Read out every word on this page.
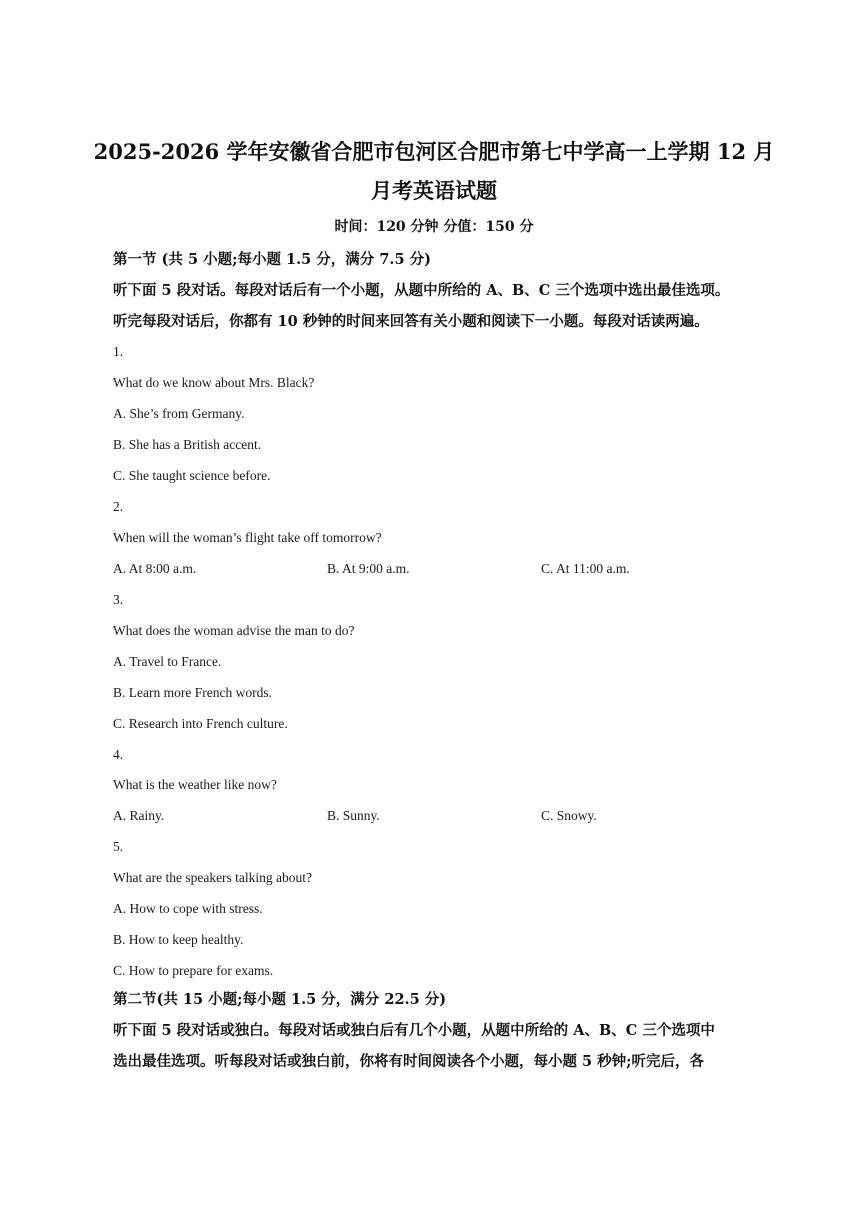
2025-2026 学年安徽省合肥市包河区合肥市第七中学高一上学期 12 月
月考英语试题
时间：120 分钟 分值：150 分
第一节 (共 5 小题;每小题 1.5 分，满分 7.5 分)
听下面 5 段对话。每段对话后有一个小题，从题中所给的 A、B、C 三个选项中选出最佳选项。
听完每段对话后，你都有 10 秒钟的时间来回答有关小题和阅读下一小题。每段对话读两遍。
1.
What do we know about Mrs. Black?
A. She’s from Germany.
B. She has a British accent.
C. She taught science before.
2.
When will the woman’s flight take off tomorrow?
A. At 8:00 a.m.	B. At 9:00 a.m.	C. At 11:00 a.m.
3.
What does the woman advise the man to do?
A. Travel to France.
B. Learn more French words.
C. Research into French culture.
4.
What is the weather like now?
A. Rainy.	B. Sunny.	C. Snowy.
5.
What are the speakers talking about?
A. How to cope with stress.
B. How to keep healthy.
C. How to prepare for exams.
第二节(共 15 小题;每小题 1.5 分，满分 22.5 分)
听下面 5 段对话或独白。每段对话或独白后有几个小题，从题中所给的 A、B、C 三个选项中
选出最佳选项。听每段对话或独白前，你将有时间阅读各个小题，每小题 5 秒钟;听完后，各
